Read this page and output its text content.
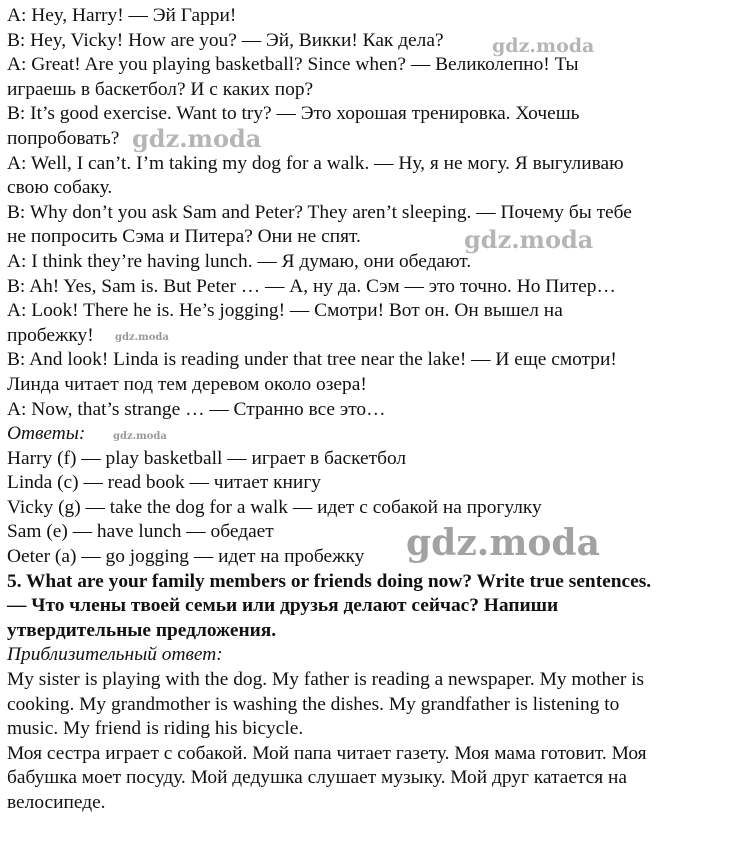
A: Hey, Harry! — Эй Гарри!
B: Hey, Vicky! How are you? — Эй, Викки! Как дела?
A: Great! Are you playing basketball? Since when? — Великолепно! Ты
играешь в баскетбол? И с каких пор?
B: It’s good exercise. Want to try? — Это хорошая тренировка. Хочешь
попробовать?
A: Well, I can’t. I’m taking my dog for a walk. — Ну, я не могу. Я выгуливаю
свою собаку.
B: Why don’t you ask Sam and Peter? They aren’t sleeping. — Почему бы тебе
не попросить Сэма и Питера? Они не спят.
A: I think they’re having lunch. — Я думаю, они обедают.
B: Ah! Yes, Sam is. But Peter … — А, ну да. Сэм — это точно. Но Питер…
A: Look! There he is. He’s jogging! — Смотри! Вот он. Он вышел на
пробежку!
B: And look! Linda is reading under that tree near the lake! — И еще смотри!
Линда читает под тем деревом около озера!
A: Now, that’s strange … — Странно все это…
Ответы:
Harry (f) — play basketball — играет в баскетбол
Linda (c) — read book — читает книгу
Vicky (g) — take the dog for a walk — идет с собакой на прогулку
Sam (e) — have lunch — обедает
Oeter (a) — go jogging — идет на пробежку
5. What are your family members or friends doing now? Write true sentences.
— Что члены твоей семьи или друзья делают сейчас? Напиши
утвердительные предложения.
Приблизительный ответ:
My sister is playing with the dog. My father is reading a newspaper. My mother is
cooking. My grandmother is washing the dishes. My grandfather is listening to
music. My friend is riding his bicycle.
Моя сестра играет с собакой. Мой папа читает газету. Моя мама готовит. Моя
бабушка моет посуду. Мой дедушка слушает музыку. Мой друг катается на
велосипеде.
gdz.moda
gdz.moda
gdz.moda
gdz.moda
gdz.moda
gdz.moda
